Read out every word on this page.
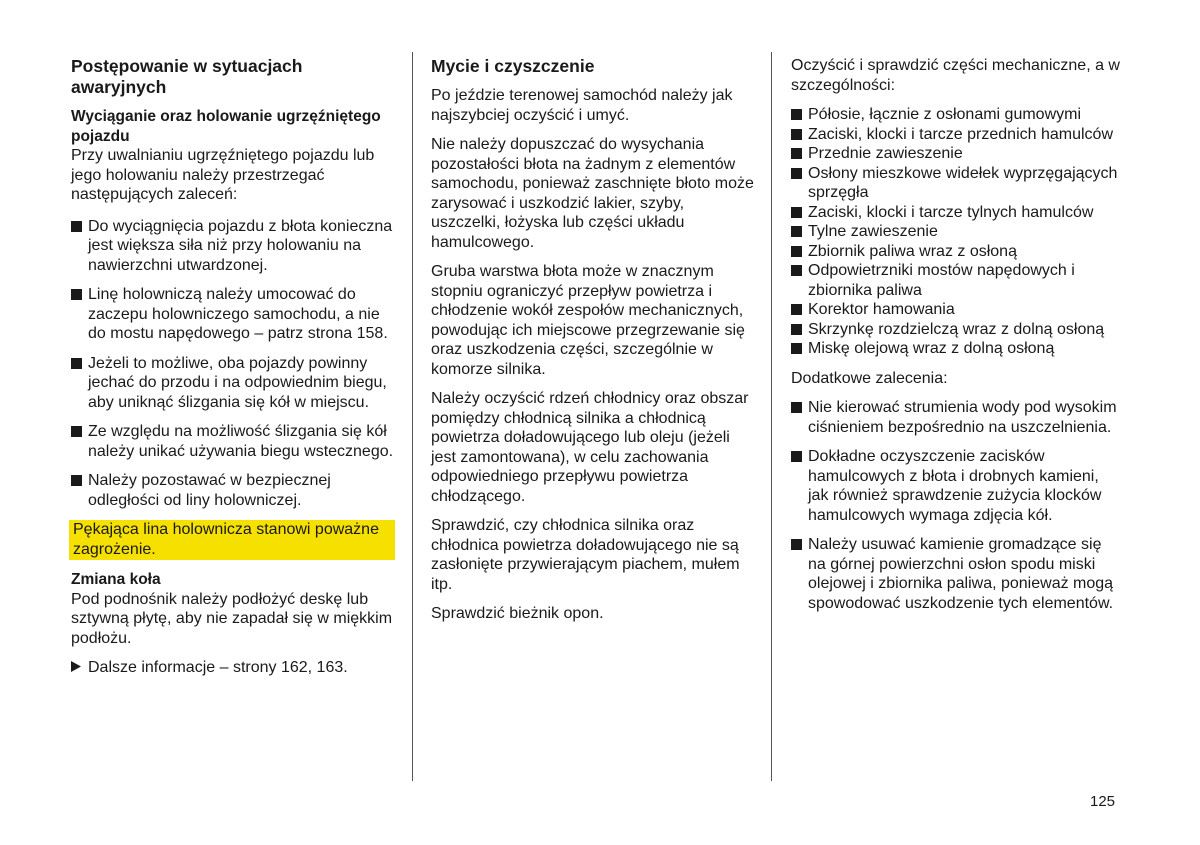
Postępowanie w sytuacjach awaryjnych
Wyciąganie oraz holowanie ugrzęźniętego pojazdu

Przy uwalnianiu ugrzęźniętego pojazdu lub jego holowaniu należy przestrzegać następujących zaleceń:

Do wyciągnięcia pojazdu z błota konieczna jest większa siła niż przy holowaniu na nawierzchni utwardzonej.
Linę holowniczą należy umocować do zaczepu holowniczego samochodu, a nie do mostu napędowego – patrz strona 158.
Jeżeli to możliwe, oba pojazdy powinny jechać do przodu i na odpowiednim biegu, aby uniknąć ślizgania się kół w miejscu.
Ze względu na możliwość ślizgania się kół należy unikać używania biegu wstecznego.
Należy pozostawać w bezpiecznej odległości od liny holowniczej.
Pękająca lina holownicza stanowi poważne zagrożenie.
Zmiana koła

Pod podnośnik należy podłożyć deskę lub sztywną płytę, aby nie zapadał się w miękkim podłożu.

Dalsze informacje – strony 162, 163.
Mycie i czyszczenie

Po jeździe terenowej samochód należy jak najszybciej oczyścić i umyć.

Nie należy dopuszczać do wysychania pozostałości błota na żadnym z elementów samochodu, ponieważ zaschnięte błoto może zarysować i uszkodzić lakier, szyby, uszczelki, łożyska lub części układu hamulcowego.

Gruba warstwa błota może w znacznym stopniu ograniczyć przepływ powietrza i chłodzenie wokół zespołów mechanicznych, powodując ich miejscowe przegrzewanie się oraz uszkodzenia części, szczególnie w komorze silnika.

Należy oczyścić rdzeń chłodnicy oraz obszar pomiędzy chłodnicą silnika a chłodnicą powietrza doładowującego lub oleju (jeżeli jest zamontowana), w celu zachowania odpowiedniego przepływu powietrza chłodzącego.

Sprawdzić, czy chłodnica silnika oraz chłodnica powietrza doładowującego nie są zasłonięte przywierającym piachem, mułem itp.

Sprawdzić bieżnik opon.

Oczyścić i sprawdzić części mechaniczne, a w szczególności:

Półosie, łącznie z osłonami gumowymi
Zaciski, klocki i tarcze przednich hamulców
Przednie zawieszenie
Osłony mieszkowe widełek wyprzęgających sprzęgła
Zaciski, klocki i tarcze tylnych hamulców
Tylne zawieszenie
Zbiornik paliwa wraz z osłoną
Odpowietrzniki mostów napędowych i zbiornika paliwa
Korektor hamowania
Skrzynkę rozdzielczą wraz z dolną osłoną
Miskę olejową wraz z dolną osłoną

Dodatkowe zalecenia:

Nie kierować strumienia wody pod wysokim ciśnieniem bezpośrednio na uszczelnienia.
Dokładne oczyszczenie zacisków hamulcowych z błota i drobnych kamieni, jak również sprawdzenie zużycia klocków hamulcowych wymaga zdjęcia kół.
Należy usuwać kamienie gromadzące się na górnej powierzchni osłon spodu miski olejowej i zbiornika paliwa, ponieważ mogą spowodować uszkodzenie tych elementów.
125
